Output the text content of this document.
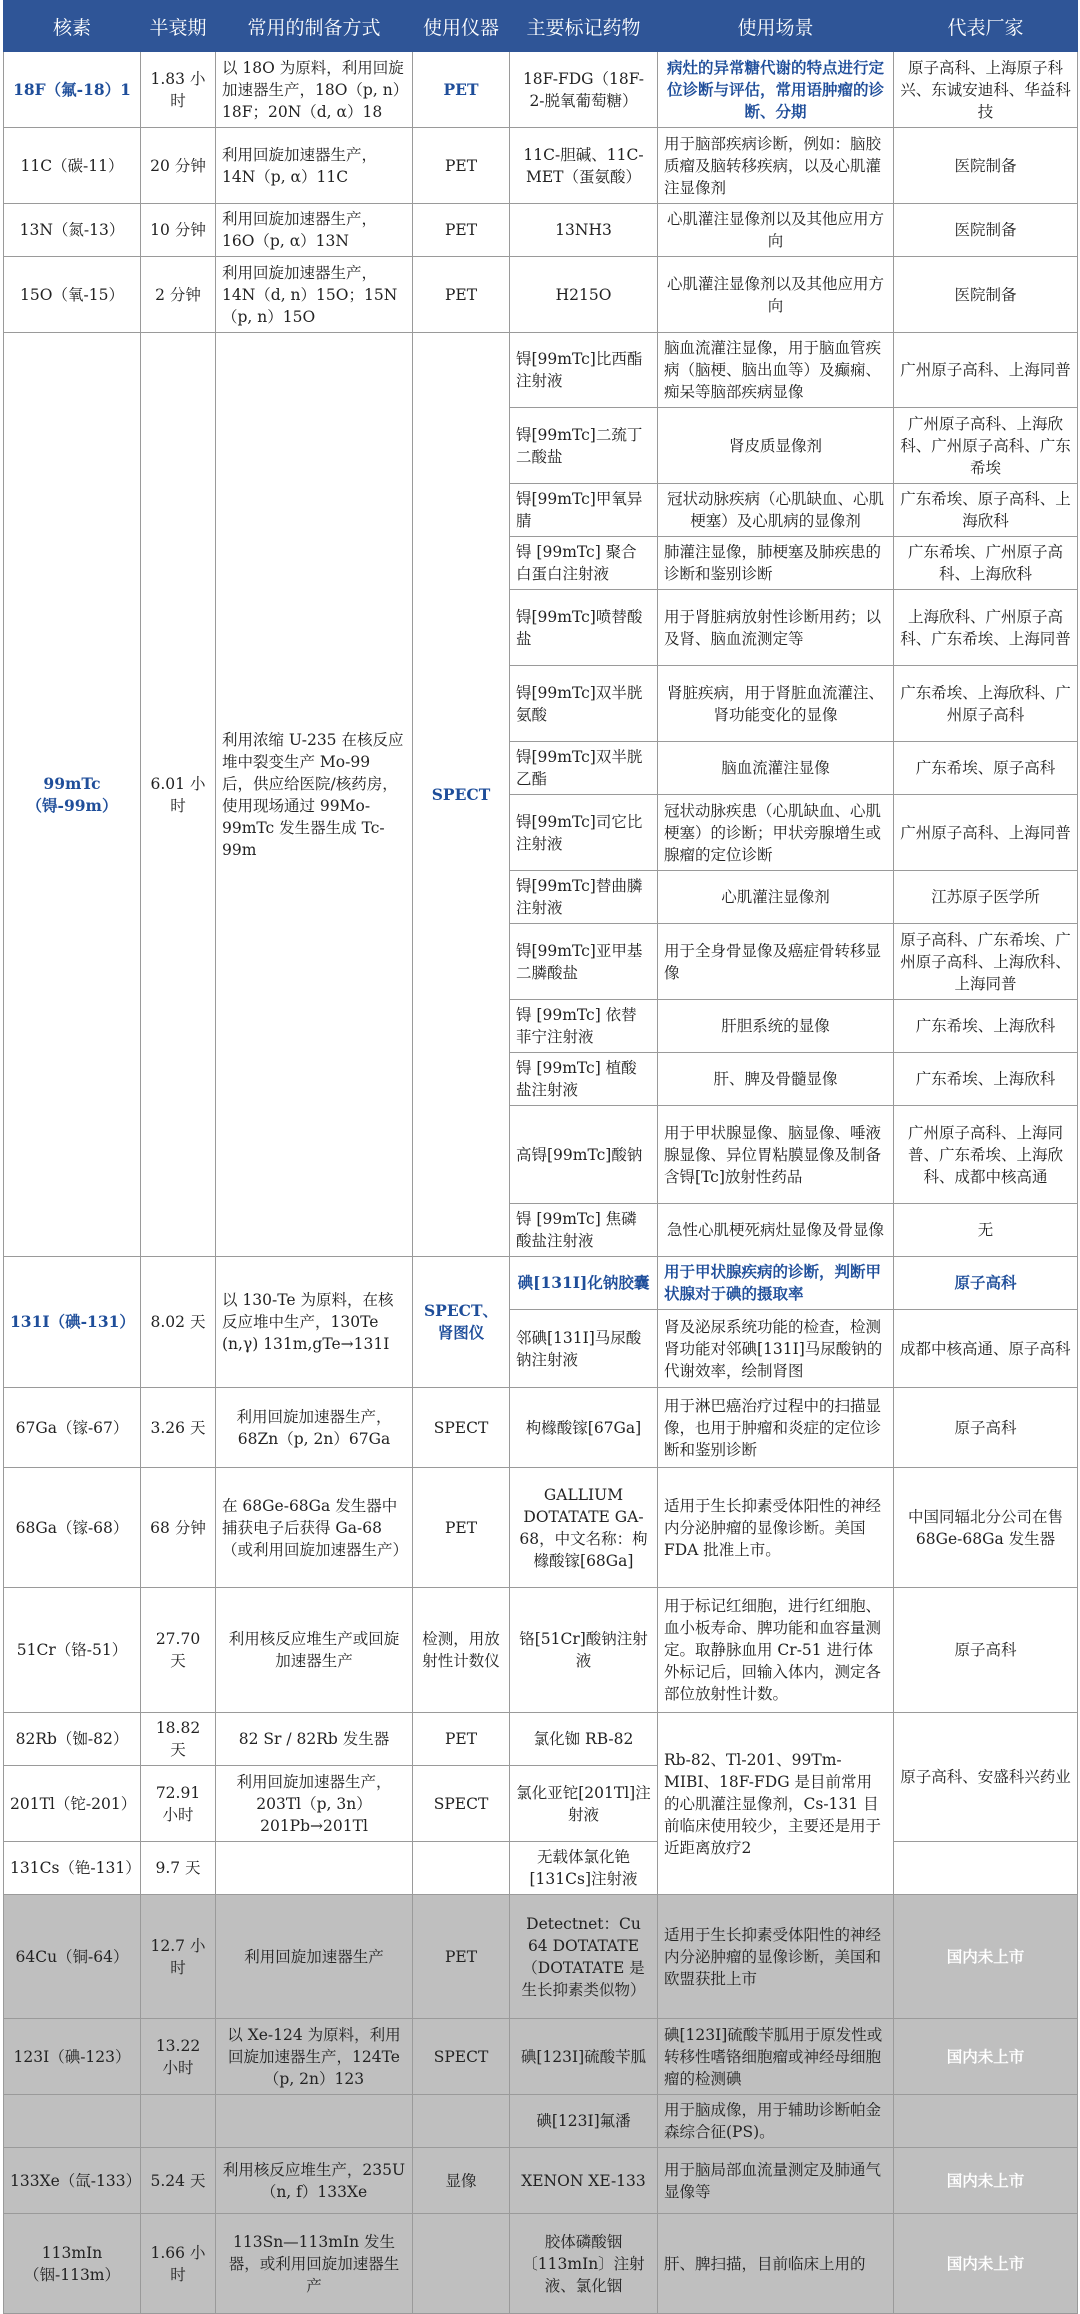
核素	半衰期	常用的制备方式	使用仪器	主要标记药物	使用场景	代表厂家
18F（氟-18）1	1.83 小时	以 18O 为原料，利用回旋加速器生产，18O（p, n）18F；20N（d, α）18	PET	18F-FDG（18F-2-脱氧葡萄糖）	病灶的异常糖代谢的特点进行定位诊断与评估，常用语肿瘤的诊断、分期	原子高科、上海原子科兴、东诚安迪科、华益科技
11C（碳-11）	20 分钟	利用回旋加速器生产，14N（p, α）11C	PET	11C-胆碱、11C-MET（蛋氨酸）	用于脑部疾病诊断，例如：脑胶质瘤及脑转移疾病，以及心肌灌注显像剂	医院制备
13N（氮-13）	10 分钟	利用回旋加速器生产，16O（p, α）13N	PET	13NH3	心肌灌注显像剂以及其他应用方向	医院制备
15O（氧-15）	2 分钟	利用回旋加速器生产，14N（d, n）15O；15N（p, n）15O	PET	H215O	心肌灌注显像剂以及其他应用方向	医院制备
99mTc（锝-99m）	6.01 小时	利用浓缩 U-235 在核反应堆中裂变生产 Mo-99 后，供应给医院/核药房，使用现场通过 99Mo-99mTc 发生器生成 Tc-99m	SPECT	锝[99mTc]比西酯注射液	脑血流灌注显像，用于脑血管疾病（脑梗、脑出血等）及癫痫、痴呆等脑部疾病显像	广州原子高科、上海同普
				锝[99mTc]二巯丁二酸盐	肾皮质显像剂	广州原子高科、上海欣科、广州原子高科、广东希埃
				锝[99mTc]甲氧异腈	冠状动脉疾病（心肌缺血、心肌梗塞）及心肌病的显像剂	广东希埃、原子高科、上海欣科
				锝 [99mTc] 聚合白蛋白注射液	肺灌注显像，肺梗塞及肺疾患的诊断和鉴别诊断	广东希埃、广州原子高科、上海欣科
				锝[99mTc]喷替酸盐	用于肾脏病放射性诊断用药；以及肾、脑血流测定等	上海欣科、广州原子高科、广东希埃、上海同普
				锝[99mTc]双半胱氨酸	肾脏疾病，用于肾脏血流灌注、肾功能变化的显像	广东希埃、上海欣科、广州原子高科
				锝[99mTc]双半胱乙酯	脑血流灌注显像	广东希埃、原子高科
				锝[99mTc]司它比注射液	冠状动脉疾患（心肌缺血、心肌梗塞）的诊断；甲状旁腺增生或腺瘤的定位诊断	广州原子高科、上海同普
				锝[99mTc]替曲膦注射液	心肌灌注显像剂	江苏原子医学所
				锝[99mTc]亚甲基二膦酸盐	用于全身骨显像及癌症骨转移显像	原子高科、广东希埃、广州原子高科、上海欣科、上海同普
				锝 [99mTc] 依替菲宁注射液	肝胆系统的显像	广东希埃、上海欣科
				锝 [99mTc] 植酸盐注射液	肝、脾及骨髓显像	广东希埃、上海欣科
				高锝[99mTc]酸钠	用于甲状腺显像、脑显像、唾液腺显像、异位胃粘膜显像及制备含锝[Tc]放射性药品	广州原子高科、上海同普、广东希埃、上海欣科、成都中核高通
				锝 [99mTc] 焦磷酸盐注射液	急性心肌梗死病灶显像及骨显像	无
131I（碘-131）	8.02 天	以 130-Te 为原料，在核反应堆中生产，130Te (n,γ) 131m,gTe→131I	SPECT、肾图仪	碘[131I]化钠胶囊	用于甲状腺疾病的诊断，判断甲状腺对于碘的摄取率	原子高科
				邻碘[131I]马尿酸钠注射液	肾及泌尿系统功能的检查，检测肾功能对邻碘[131I]马尿酸钠的代谢效率，绘制肾图	成都中核高通、原子高科
67Ga（镓-67）	3.26 天	利用回旋加速器生产，68Zn（p, 2n）67Ga	SPECT	枸橼酸镓[67Ga]	用于淋巴癌治疗过程中的扫描显像，也用于肿瘤和炎症的定位诊断和鉴别诊断	原子高科
68Ga（镓-68）	68 分钟	在 68Ge-68Ga 发生器中捕获电子后获得 Ga-68（或利用回旋加速器生产）	PET	GALLIUM DOTATATE GA-68，中文名称：枸橼酸镓[68Ga]	适用于生长抑素受体阳性的神经内分泌肿瘤的显像诊断。美国 FDA 批准上市。	中国同辐北分公司在售 68Ge-68Ga 发生器
51Cr（铬-51）	27.70 天	利用核反应堆生产或回旋加速器生产	检测，用放射性计数仪	铬[51Cr]酸钠注射液	用于标记红细胞，进行红细胞、血小板寿命、脾功能和血容量测定。取静脉血用 Cr-51 进行体外标记后，回输入体内，测定各部位放射性计数。	原子高科
82Rb（铷-82）	18.82 天	82 Sr / 82Rb 发生器	PET	氯化铷 RB-82	Rb-82、Tl-201、99Tm-MIBI、18F-FDG 是目前常用的心肌灌注显像剂，Cs-131 目前临床使用较少，主要还是用于近距离放疗2	原子高科、安盛科兴药业
201Tl（铊-201）	72.91 小时	利用回旋加速器生产，203Tl（p, 3n）201Pb→201Tl	SPECT	氯化亚铊[201Tl]注射液		
131Cs（铯-131）	9.7 天			无载体氯化铯[131Cs]注射液		
64Cu（铜-64）	12.7 小时	利用回旋加速器生产	PET	Detectnet：Cu 64 DOTATATE（DOTATATE 是生长抑素类似物）	适用于生长抑素受体阳性的神经内分泌肿瘤的显像诊断，美国和欧盟获批上市	国内未上市
123I（碘-123）	13.22 小时	以 Xe-124 为原料，利用回旋加速器生产，124Te（p, 2n）123	SPECT	碘[123I]硫酸苄胍	碘[123I]硫酸苄胍用于原发性或转移性嗜铬细胞瘤或神经母细胞瘤的检测碘	国内未上市
				碘[123I]氟潘	用于脑成像，用于辅助诊断帕金森综合征(PS)。	
133Xe（氙-133）	5.24 天	利用核反应堆生产，235U（n, f）133Xe	显像	XENON XE-133	用于脑局部血流量测定及肺通气显像等	国内未上市
113mIn（铟-113m）	1.66 小时	113Sn—113mIn 发生器，或利用回旋加速器生产		胶体磷酸铟〔113mIn〕注射液、氯化铟	肝、脾扫描，目前临床上用的	国内未上市
